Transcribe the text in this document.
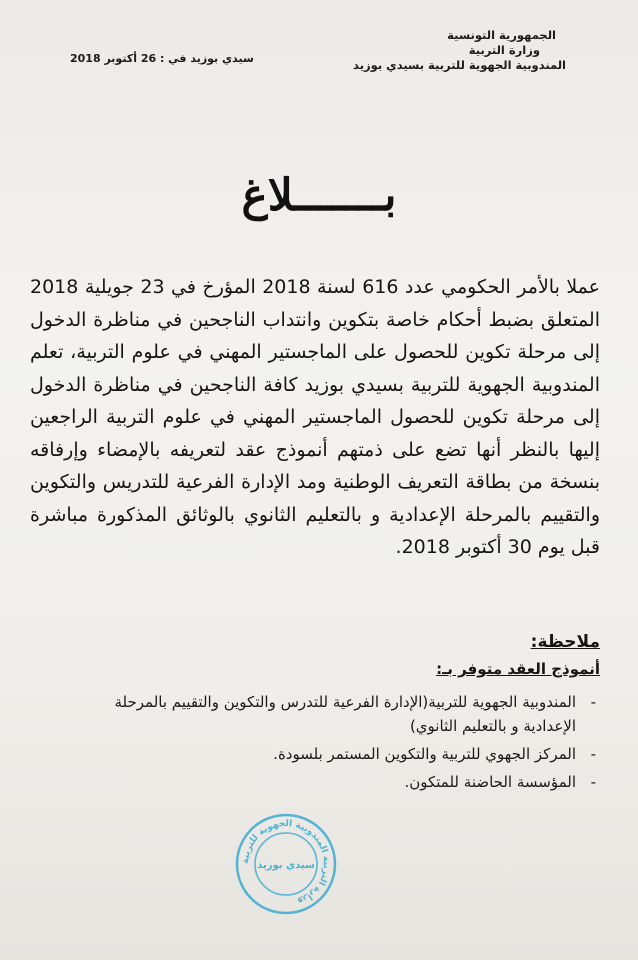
الجمهورية التونسية
وزارة التربية
المندوبية الجهوية للتربية بسيدي بوزيد
سيدي بوزيد في : 26 أكتوبر 2018
بـــــــلاغ
عملا بالأمر الحكومي عدد 616 لسنة 2018 المؤرخ في 23 جويلية 2018 المتعلق بضبط أحكام خاصة بتكوين وانتداب الناجحين في مناظرة الدخول إلى مرحلة تكوين للحصول على الماجستير المهني في علوم التربية، تعلم المندوبية الجهوية للتربية بسيدي بوزيد كافة الناجحين في مناظرة الدخول إلى مرحلة تكوين للحصول الماجستير المهني في علوم التربية الراجعين إليها بالنظر أنها تضع على ذمتهم أنموذج عقد لتعريفه بالإمضاء وإرفاقه بنسخة من بطاقة التعريف الوطنية ومد الإدارة الفرعية للتدريس والتكوين والتقييم بالمرحلة الإعدادية و بالتعليم الثانوي بالوثائق المذكورة مباشرة قبل يوم 30 أكتوبر 2018.
ملاحظة:
أنموذج العقد متوفر بـ:
- المندوبية الجهوية للتربية(الإدارة الفرعية للتدرس والتكوين والتقييم بالمرحلة الإعدادية و بالتعليم الثانوي)
- المركز الجهوي للتربية والتكوين المستمر بلسودة.
- المؤسسة الحاضنة للمتكون.
وزارة التربية المندوبية الجهوية للتربية
سيدي بوزيد
